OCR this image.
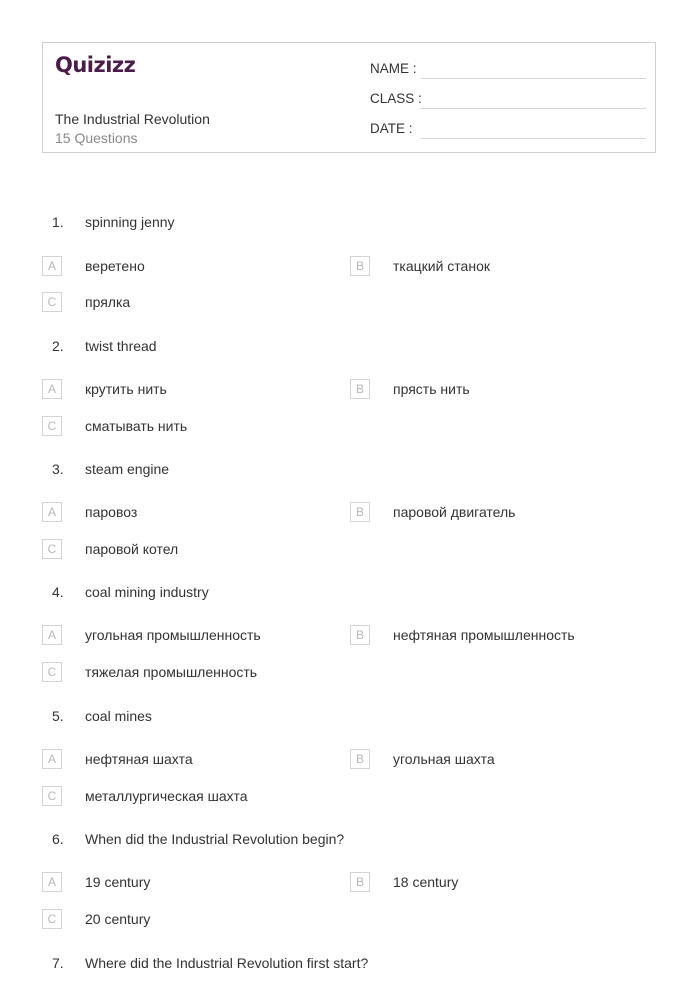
Quizizz
The Industrial Revolution
15 Questions
NAME :
CLASS :
DATE :
1. spinning jenny
A	веретено	B	ткацкий станок
C	прялка
2. twist thread
A	крутить нить	B	прясть нить
C	сматывать нить
3. steam engine
A	паровоз	B	паровой двигатель
C	паровой котел
4. coal mining industry
A	угольная промышленность	B	нефтяная промышленность
C	тяжелая промышленность
5. coal mines
A	нефтяная шахта	B	угольная шахта
C	металлургическая шахта
6. When did the Industrial Revolution begin?
A	19 century	B	18 century
C	20 century
7. Where did the Industrial Revolution first start?
